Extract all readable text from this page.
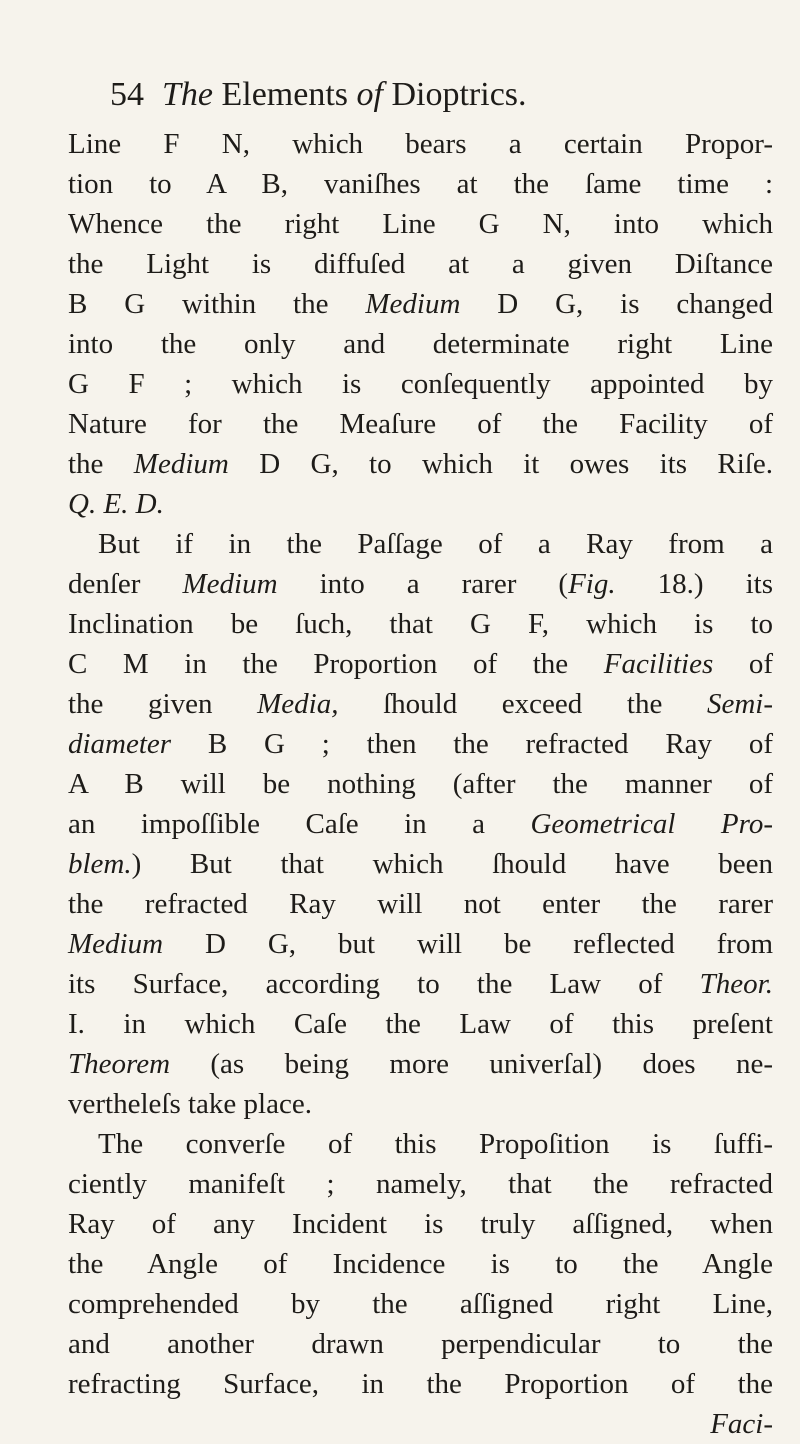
54 The Elements of Dioptrics.
Line F N, which bears a certain Propor-
tion to A B, vaniſhes at the ſame time :
Whence the right Line G N, into which
the Light is diffuſed at a given Diſtance
B G within the Medium D G, is changed
into the only and determinate right Line
G F ; which is conſequently appointed by
Nature for the Meaſure of the Facility of
the Medium D G, to which it owes its Riſe.
Q. E. D.
But if in the Paſſage of a Ray from a
denſer Medium into a rarer (Fig. 18.) its
Inclination be ſuch, that G F, which is to
C M in the Proportion of the Facilities of
the given Media, ſhould exceed the Semi-
diameter B G ; then the refracted Ray of
A B will be nothing (after the manner of
an impoſſible Caſe in a Geometrical Pro-
blem.) But that which ſhould have been
the refracted Ray will not enter the rarer
Medium D G, but will be reflected from
its Surface, according to the Law of Theor.
I. in which Caſe the Law of this preſent
Theorem (as being more univerſal) does ne-
vertheleſs take place.
The converſe of this Propoſition is ſuffi-
ciently manifeſt ; namely, that the refracted
Ray of any Incident is truly aſſigned, when
the Angle of Incidence is to the Angle
comprehended by the aſſigned right Line,
and another drawn perpendicular to the
refracting Surface, in the Proportion of the
Faci-
